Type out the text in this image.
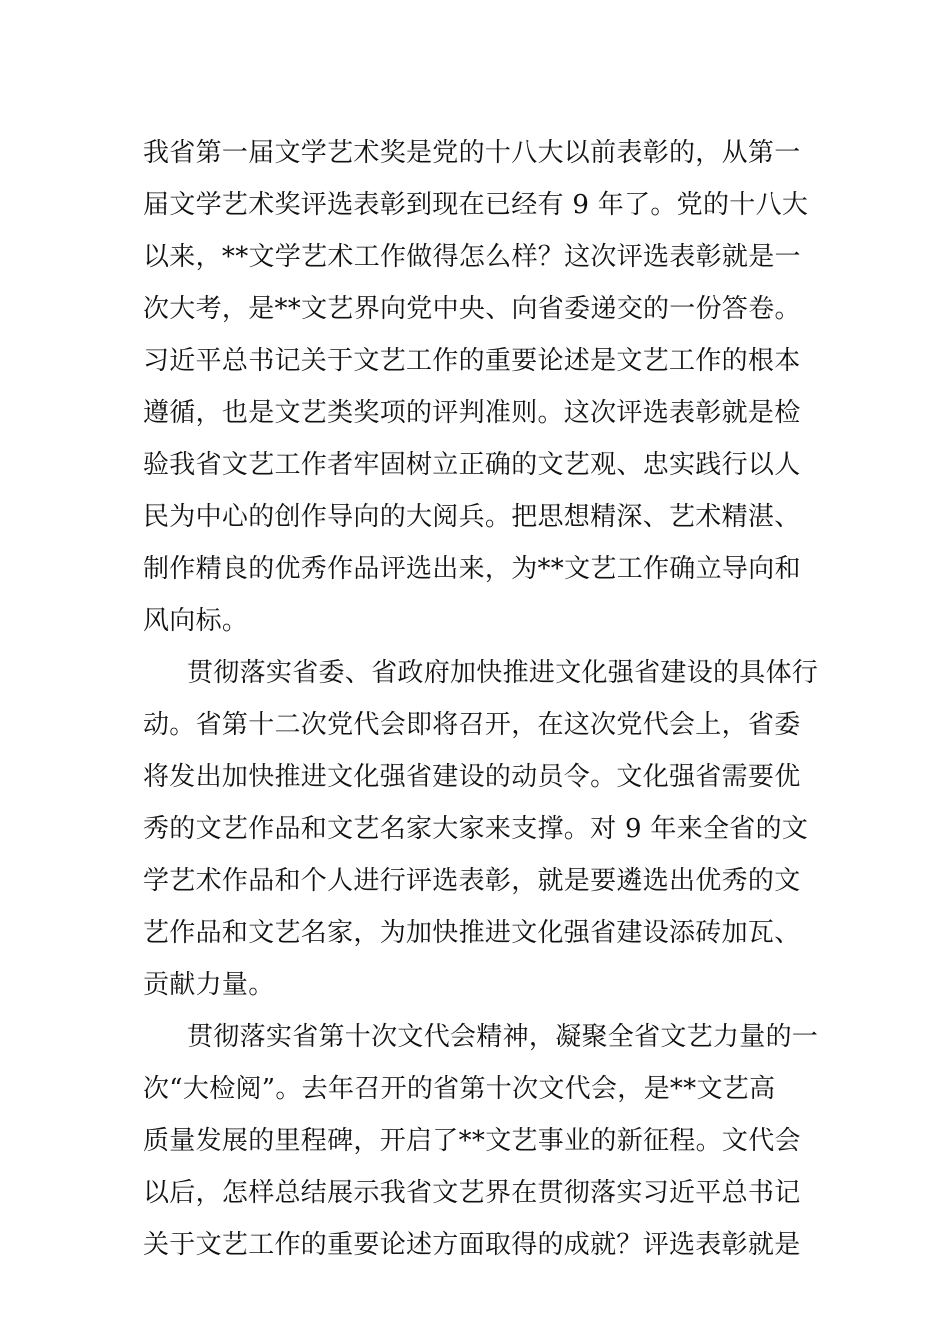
我省第一届文学艺术奖是党的十八大以前表彰的，从第一
届文学艺术奖评选表彰到现在已经有 9 年了。党的十八大
以来，**文学艺术工作做得怎么样？这次评选表彰就是一
次大考，是**文艺界向党中央、向省委递交的一份答卷。
习近平总书记关于文艺工作的重要论述是文艺工作的根本
遵循，也是文艺类奖项的评判准则。这次评选表彰就是检
验我省文艺工作者牢固树立正确的文艺观、忠实践行以人
民为中心的创作导向的大阅兵。把思想精深、艺术精湛、
制作精良的优秀作品评选出来，为**文艺工作确立导向和
风向标。
贯彻落实省委、省政府加快推进文化强省建设的具体行
动。省第十二次党代会即将召开，在这次党代会上，省委
将发出加快推进文化强省建设的动员令。文化强省需要优
秀的文艺作品和文艺名家大家来支撑。对 9 年来全省的文
学艺术作品和个人进行评选表彰，就是要遴选出优秀的文
艺作品和文艺名家，为加快推进文化强省建设添砖加瓦、
贡献力量。
贯彻落实省第十次文代会精神，凝聚全省文艺力量的一
次“大检阅”。去年召开的省第十次文代会，是**文艺高
质量发展的里程碑，开启了**文艺事业的新征程。文代会
以后，怎样总结展示我省文艺界在贯彻落实习近平总书记
关于文艺工作的重要论述方面取得的成就？评选表彰就是
